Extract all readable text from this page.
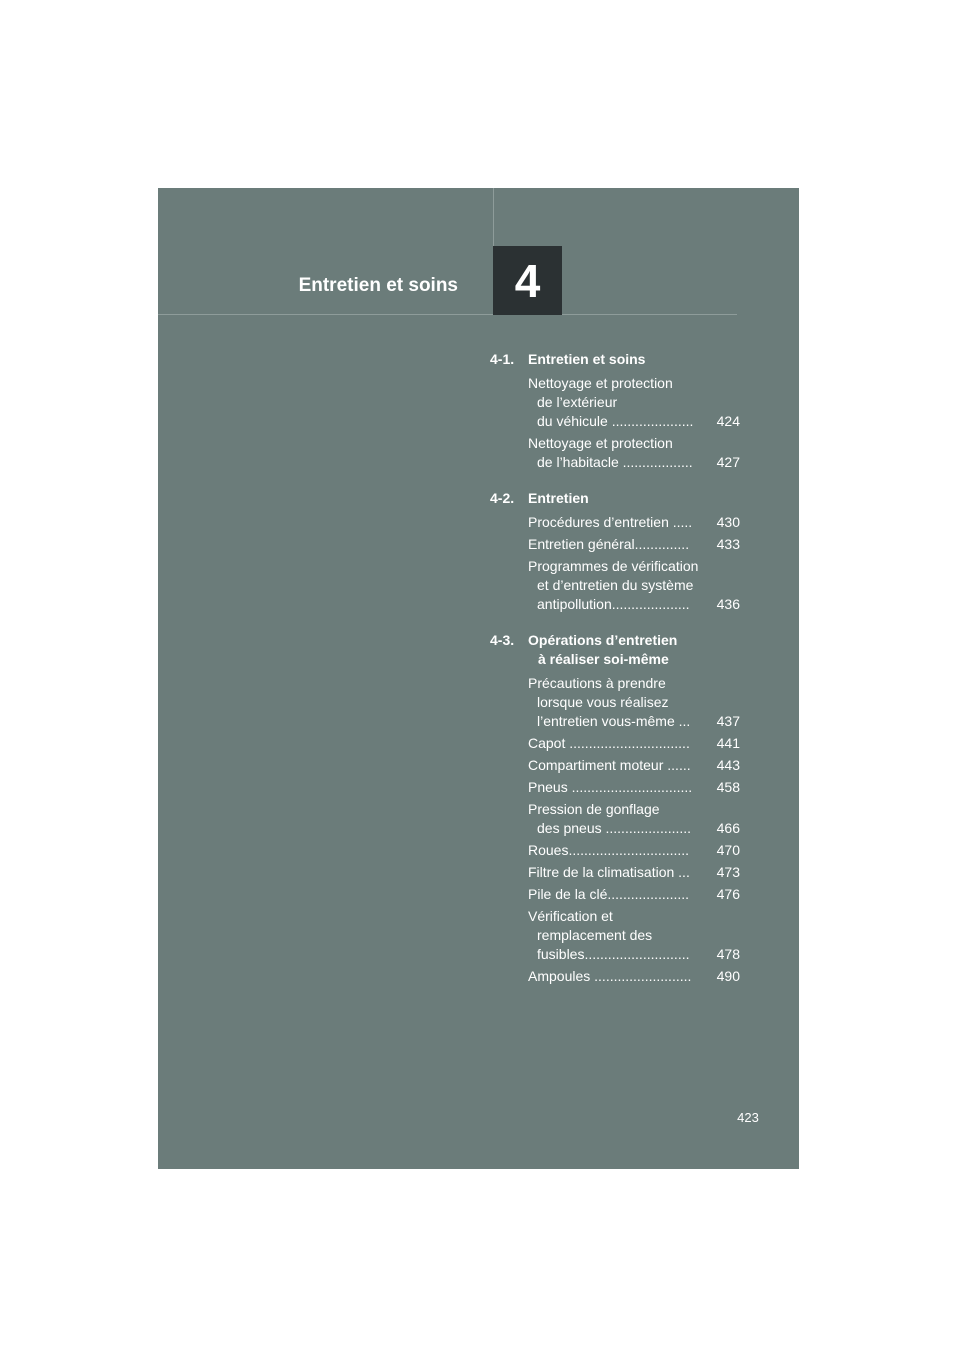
Entretien et soins 4
4-1. Entretien et soins
Nettoyage et protection
de l’extérieur
du véhicule .....................	424
Nettoyage et protection
de l’habitacle ..................	427
4-2. Entretien
Procédures d’entretien .....	430
Entretien général..............	433
Programmes de vérification
et d’entretien du système
antipollution....................	436
4-3. Opérations d’entretien
à réaliser soi-même
Précautions à prendre
lorsque vous réalisez
l’entretien vous-même ...	437
Capot ...............................	441
Compartiment moteur ......	443
Pneus ...............................	458
Pression de gonflage
des pneus ......................	466
Roues...............................	470
Filtre de la climatisation ...	473
Pile de la clé.....................	476
Vérification et
remplacement des
fusibles...........................	478
Ampoules .........................	490
423
